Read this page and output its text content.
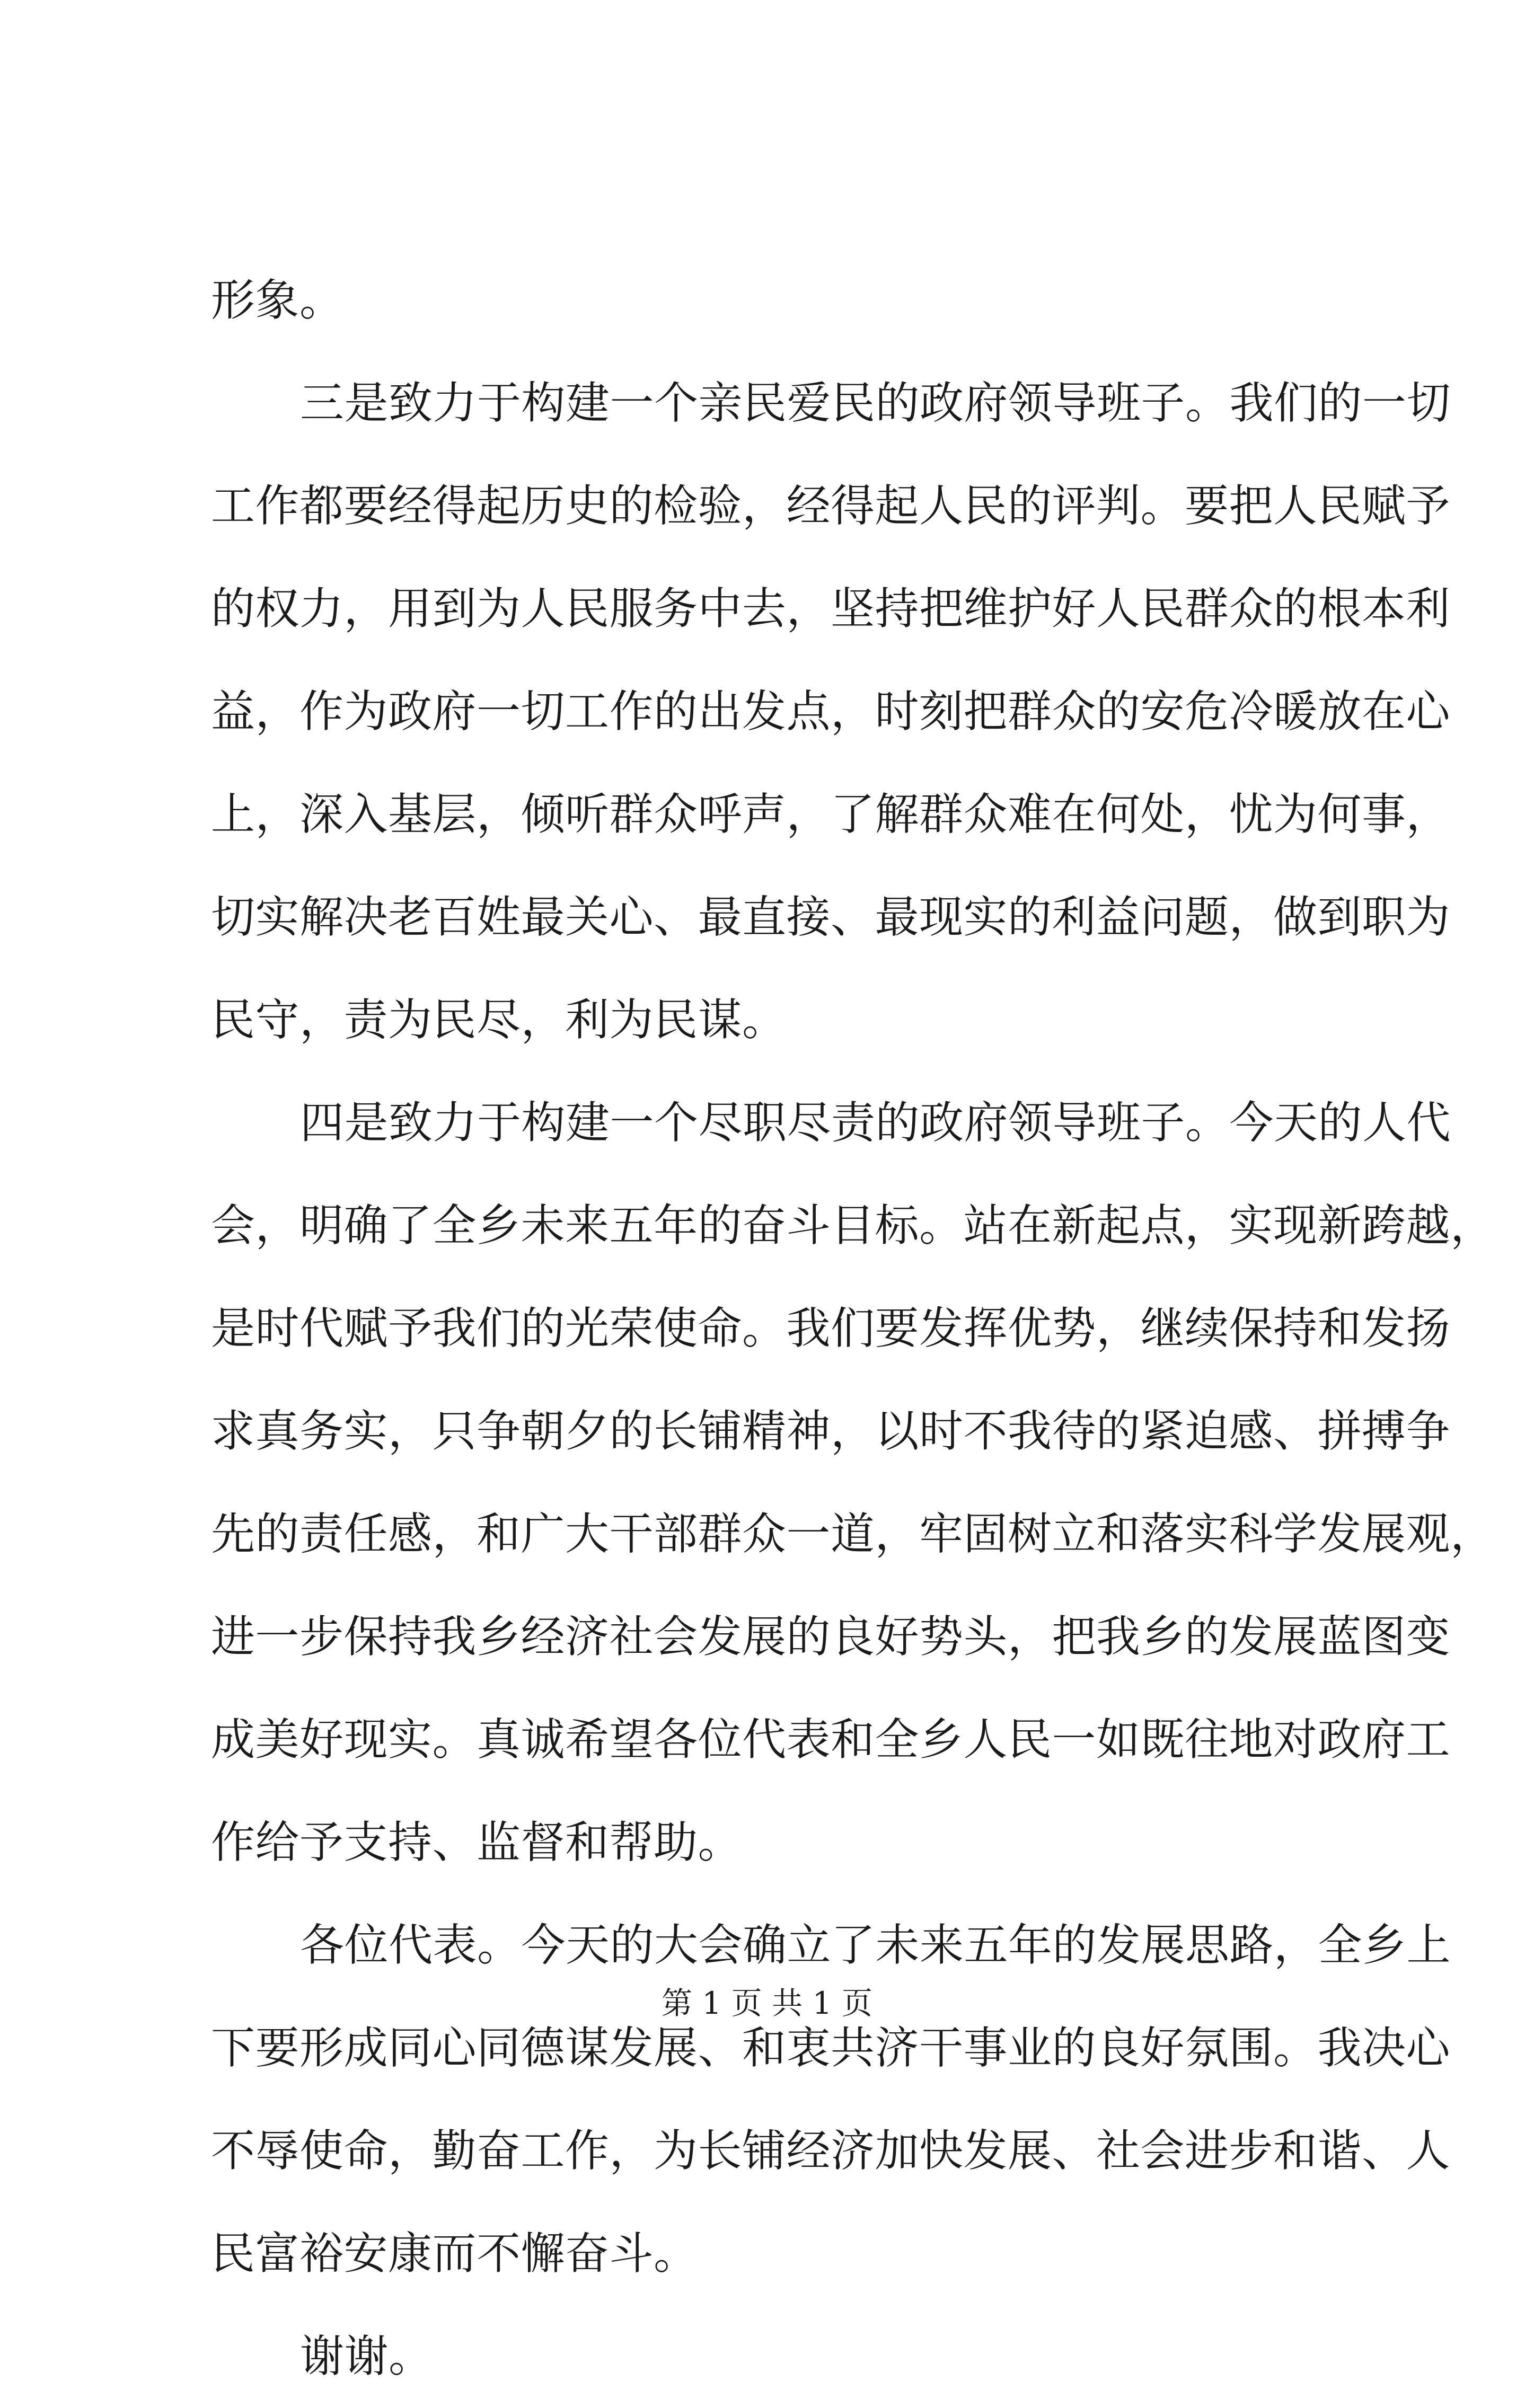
形象。
三是致力于构建一个亲民爱民的政府领导班子。我们的一切
工作都要经得起历史的检验，经得起人民的评判。要把人民赋予
的权力，用到为人民服务中去，坚持把维护好人民群众的根本利
益，作为政府一切工作的出发点，时刻把群众的安危冷暖放在心
上，深入基层，倾听群众呼声，了解群众难在何处，忧为何事，
切实解决老百姓最关心、最直接、最现实的利益问题，做到职为
民守，责为民尽，利为民谋。
四是致力于构建一个尽职尽责的政府领导班子。今天的人代
会，明确了全乡未来五年的奋斗目标。站在新起点，实现新跨越，
是时代赋予我们的光荣使命。我们要发挥优势，继续保持和发扬
求真务实，只争朝夕的长铺精神，以时不我待的紧迫感、拼搏争
先的责任感，和广大干部群众一道，牢固树立和落实科学发展观，
进一步保持我乡经济社会发展的良好势头，把我乡的发展蓝图变
成美好现实。真诚希望各位代表和全乡人民一如既往地对政府工
作给予支持、监督和帮助。
各位代表。今天的大会确立了未来五年的发展思路，全乡上
下要形成同心同德谋发展、和衷共济干事业的良好氛围。我决心
不辱使命，勤奋工作，为长铺经济加快发展、社会进步和谐、人
民富裕安康而不懈奋斗。
谢谢。
第 1 页 共 1 页
